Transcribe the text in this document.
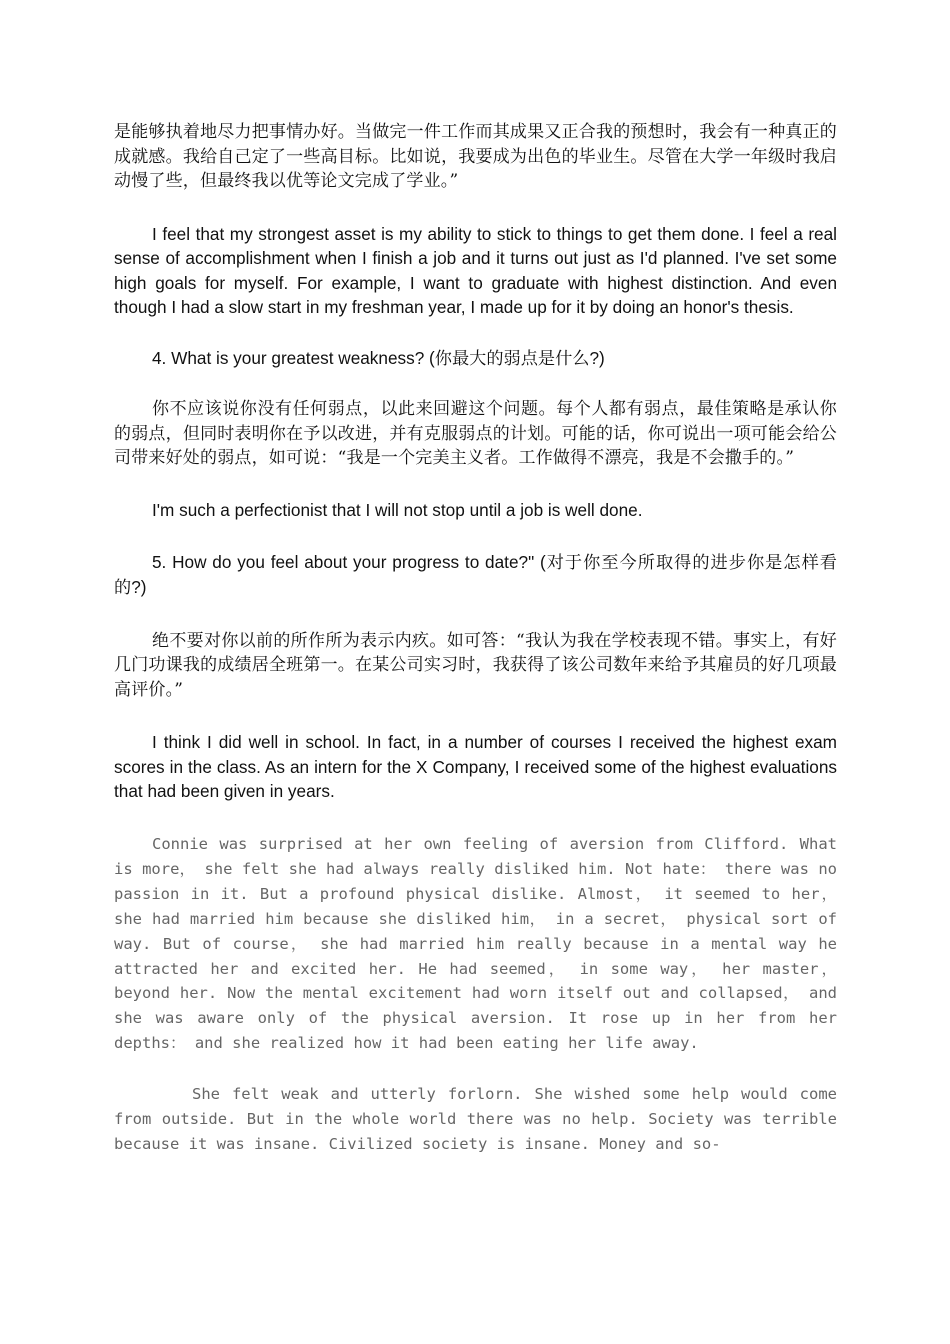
是能够执着地尽力把事情办好。当做完一件工作而其成果又正合我的预想时，我会有一种真正的成就感。我给自己定了一些高目标。比如说，我要成为出色的毕业生。尽管在大学一年级时我启动慢了些，但最终我以优等论文完成了学业。”

I feel that my strongest asset is my ability to stick to things to get them done. I feel a real sense of accomplishment when I finish a job and it turns out just as I'd planned. I've set some high goals for myself. For example, I want to graduate with highest distinction. And even though I had a slow start in my freshman year, I made up for it by doing an honor's thesis.

4. What is your greatest weakness? (你最大的弱点是什么?)

你不应该说你没有任何弱点，以此来回避这个问题。每个人都有弱点，最佳策略是承认你的弱点，但同时表明你在予以改进，并有克服弱点的计划。可能的话，你可说出一项可能会给公司带来好处的弱点，如可说：“我是一个完美主义者。工作做得不漂亮，我是不会撒手的。”

I'm such a perfectionist that I will not stop until a job is well done.

5. How do you feel about your progress to date?" (对于你至今所取得的进步你是怎样看的?)

绝不要对你以前的所作所为表示内疚。如可答：“我认为我在学校表现不错。事实上，有好几门功课我的成绩居全班第一。在某公司实习时，我获得了该公司数年来给予其雇员的好几项最高评价。”

I think I did well in school. In fact, in a number of courses I received the highest exam scores in the class. As an intern for the X Company, I received some of the highest evaluations that had been given in years.

Connie was surprised at her own feeling of aversion from Clifford. What is more， she felt she had always really disliked him. Not hate： there was no passion in it. But a profound physical dislike. Almost， it seemed to her， she had married him because she disliked him， in a secret， physical sort of way. But of course， she had married him really because in a mental way he attracted her and excited her. He had seemed， in some way， her master， beyond her. Now the mental excitement had worn itself out and collapsed， and she was aware only of the physical aversion. It rose up in her from her depths： and she realized how it had been eating her life away.

She felt weak and utterly forlorn. She wished some help would come from outside. But in the whole world there was no help. Society was terrible because it was insane. Civilized society is insane. Money and so-
